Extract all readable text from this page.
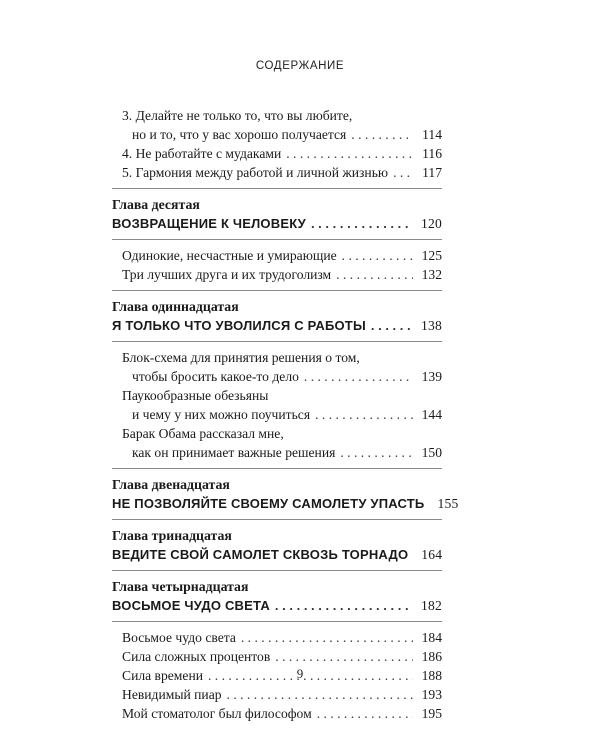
СОДЕРЖАНИЕ
3. Делайте не только то, что вы любите,
но и то, что у вас хорошо получается . . .	114
4. Не работайте с мудаками . . .	116
5. Гармония между работой и личной жизнью . . .	117
Глава десятая
ВОЗВРАЩЕНИЕ К ЧЕЛОВЕКУ . . .	120
Одинокие, несчастные и умирающие . . .	125
Три лучших друга и их трудоголизм . . .	132
Глава одиннадцатая
Я ТОЛЬКО ЧТО УВОЛИЛСЯ С РАБОТЫ . . .	138
Блок-схема для принятия решения о том,
чтобы бросить какое-то дело . . .	139
Паукообразные обезьяны
и чему у них можно поучиться . . .	144
Барак Обама рассказал мне,
как он принимает важные решения . . .	150
Глава двенадцатая
НЕ ПОЗВОЛЯЙТЕ СВОЕМУ САМОЛЕТУ УПАСТЬ 155
Глава тринадцатая
ВЕДИТЕ СВОЙ САМОЛЕТ СКВОЗЬ ТОРНАДО 164
Глава четырнадцатая
ВОСЬМОЕ ЧУДО СВЕТА . . .	182
Восьмое чудо света . . .	184
Сила сложных процентов . . .	186
Сила времени . . .	188
Невидимый пиар . . .	193
Мой стоматолог был философом . . .	195
9
